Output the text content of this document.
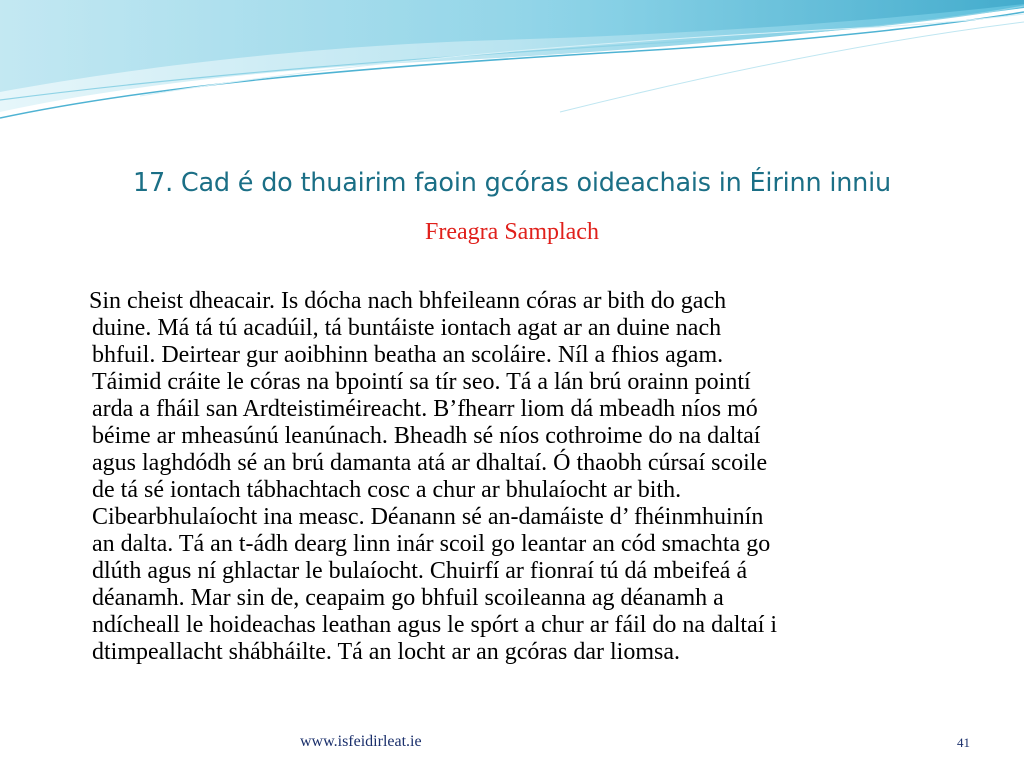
17. Cad é do thuairim faoin gcóras oideachais in Éirinn inniu

Freagra Samplach

Sin cheist dheacair. Is dócha nach bhfeileann córas ar bith do gach
duine. Má tá tú acadúil, tá buntáiste iontach agat ar an duine nach
bhfuil. Deirtear gur aoibhinn beatha an scoláire. Níl a fhios agam.
Táimid cráite le córas na bpointí sa tír seo. Tá a lán brú orainn pointí
arda a fháil san Ardteistiméireacht. B’fhearr liom dá mbeadh níos mó
béime ar mheasúnú leanúnach. Bheadh sé níos cothroime do na daltaí
agus laghdódh sé an brú damanta atá ar dhaltaí. Ó thaobh cúrsaí scoile
de tá sé iontach tábhachtach cosc a chur ar bhulaíocht ar bith.
Cibearbhulaíocht ina measc. Déanann sé an-damáiste d’ fhéinmhuinín
an dalta. Tá an t-ádh dearg linn inár scoil go leantar an cód smachta go
dlúth agus ní ghlactar le bulaíocht. Chuirfí ar fionraí tú dá mbeifeá á
déanamh. Mar sin de, ceapaim go bhfuil scoileanna ag déanamh a
ndícheall le hoideachas leathan agus le spórt a chur ar fáil do na daltaí i
dtimpeallacht shábháilte. Tá an locht ar an gcóras dar liomsa.

www.isfeidirleat.ie	41
